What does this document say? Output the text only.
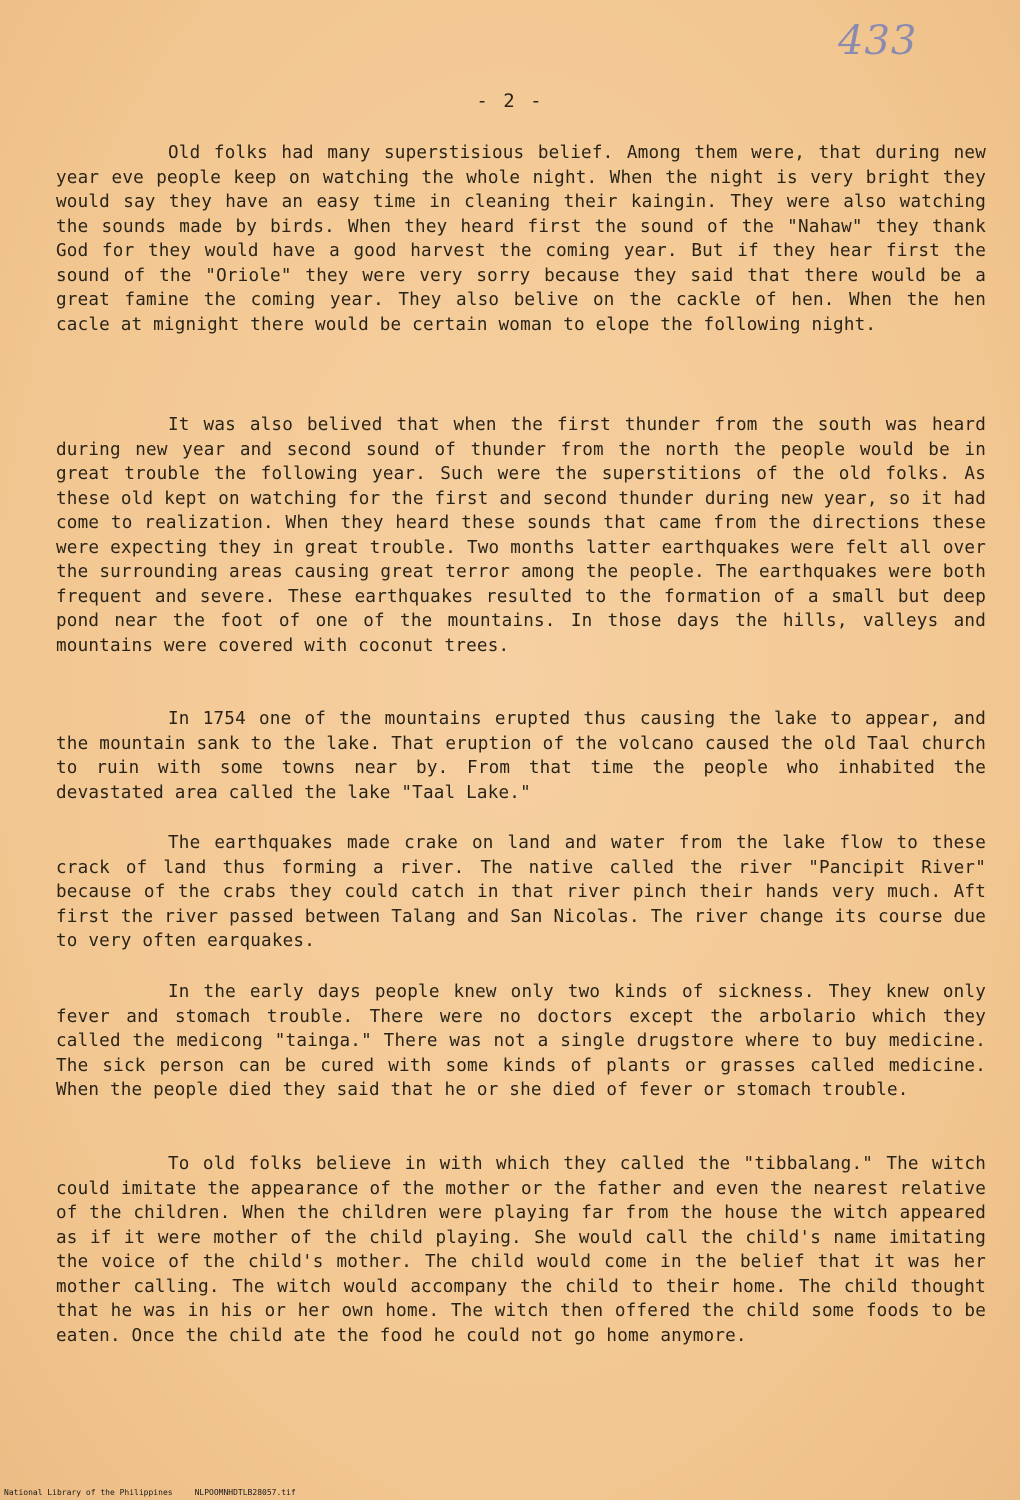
433
- 2 -

Old folks had many superstisious belief. Among them were, that during new year eve people keep on watching the whole night. When the night is very bright they would say they have an easy time in cleaning their kaingin. They were also watching the sounds made by birds. When they heard first the sound of the "Nahaw" they thank God for they would have a good harvest the coming year. But if they hear first the sound of the "Oriole" they were very sorry because they said that there would be a great famine the coming year. They also belive on the cackle of hen. When the hen cacle at mignight there would be certain woman to elope the following night.

It was also belived that when the first thunder from the south was heard during new year and second sound of thunder from the north the people would be in great trouble the following year. Such were the superstitions of the old folks. As these old kept on watching for the first and second thunder during new year, so it had come to realization. When they heard these sounds that came from the directions these were expecting they in great trouble. Two months latter earthquakes were felt all over the surrounding areas causing great terror among the people. The earthquakes were both frequent and severe. These earthquakes resulted to the formation of a small but deep pond near the foot of one of the mountains. In those days the hills, valleys and mountains were covered with coconut trees.

In 1754 one of the mountains erupted thus causing the lake to appear, and the mountain sank to the lake. That eruption of the volcano caused the old Taal church to ruin with some towns near by. From that time the people who inhabited the devastated area called the lake "Taal Lake."

The earthquakes made crake on land and water from the lake flow to these crack of land thus forming a river. The native called the river "Pancipit River" because of the crabs they could catch in that river pinch their hands very much. Aft first the river passed between Talang and San Nicolas. The river change its course due to very often earquakes.

In the early days people knew only two kinds of sickness. They knew only fever and stomach trouble. There were no doctors except the arbolario which they called the medicong "tainga." There was not a single drugstore where to buy medicine. The sick person can be cured with some kinds of plants or grasses called medicine. When the people died they said that he or she died of fever or stomach trouble.

To old folks believe in with which they called the "tibbalang." The witch could imitate the appearance of the mother or the father and even the nearest relative of the children. When the children were playing far from the house the witch appeared as if it were mother of the child playing. She would call the child's name imitating the voice of the child's mother. The child would come in the belief that it was her mother calling. The witch would accompany the child to their home. The child thought that he was in his or her own home. The witch then offered the child some foods to be eaten. Once the child ate the food he could not go home anymore.

National Library of the Philippines	NLPOOMNHDTLB28057.tif
